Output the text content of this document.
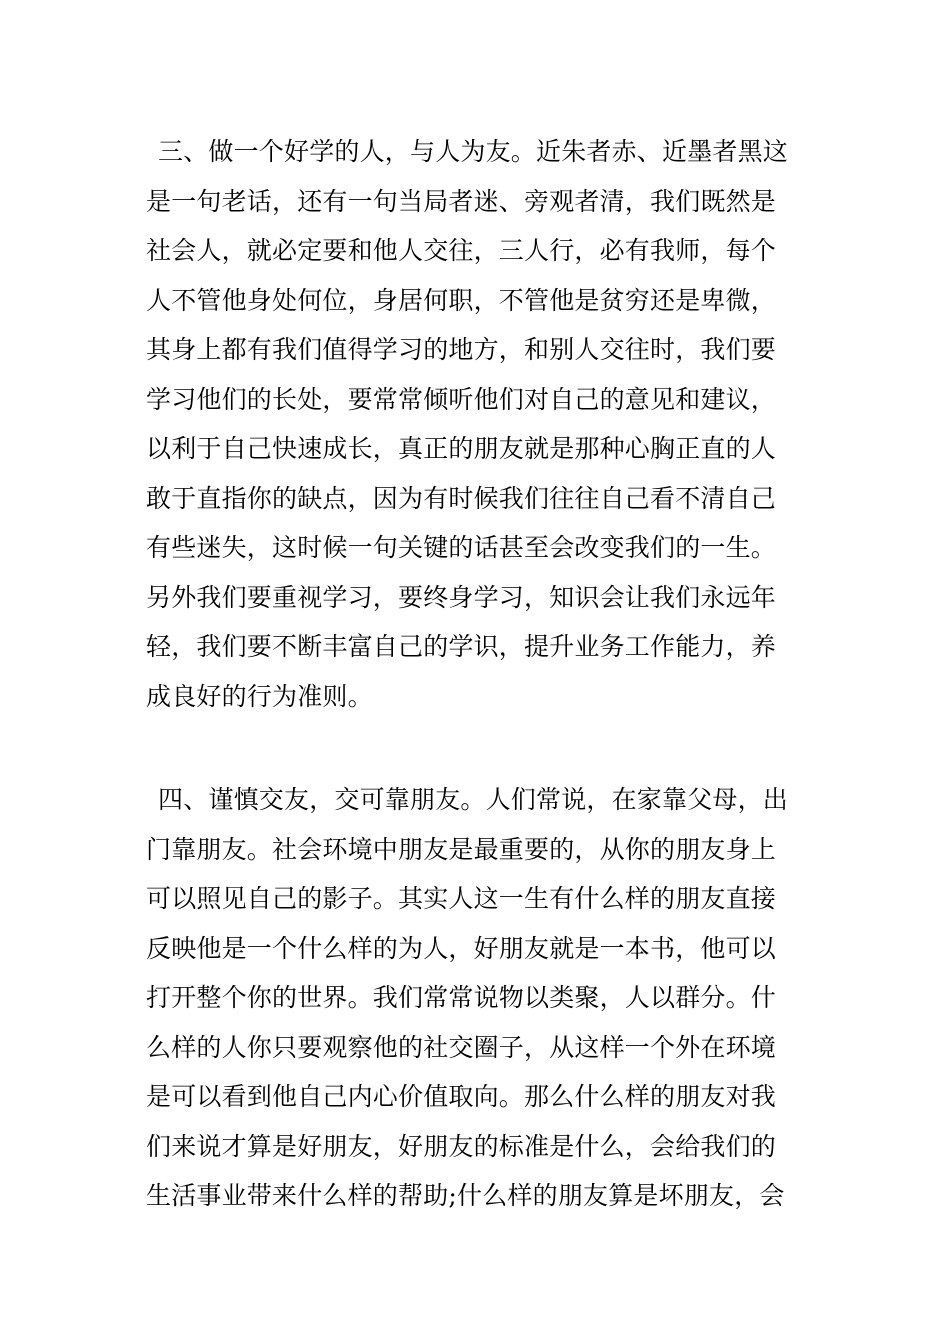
三、做一个好学的人，与人为友。近朱者赤、近墨者黑这
是一句老话，还有一句当局者迷、旁观者清，我们既然是
社会人，就必定要和他人交往，三人行，必有我师，每个
人不管他身处何位，身居何职，不管他是贫穷还是卑微，
其身上都有我们值得学习的地方，和别人交往时，我们要
学习他们的长处，要常常倾听他们对自己的意见和建议，
以利于自己快速成长，真正的朋友就是那种心胸正直的人
敢于直指你的缺点，因为有时候我们往往自己看不清自己
有些迷失，这时候一句关键的话甚至会改变我们的一生。
另外我们要重视学习，要终身学习，知识会让我们永远年
轻，我们要不断丰富自己的学识，提升业务工作能力，养
成良好的行为准则。

四、谨慎交友，交可靠朋友。人们常说，在家靠父母，出
门靠朋友。社会环境中朋友是最重要的，从你的朋友身上
可以照见自己的影子。其实人这一生有什么样的朋友直接
反映他是一个什么样的为人，好朋友就是一本书，他可以
打开整个你的世界。我们常常说物以类聚，人以群分。什
么样的人你只要观察他的社交圈子，从这样一个外在环境
是可以看到他自己内心价值取向。那么什么样的朋友对我
们来说才算是好朋友，好朋友的标准是什么，会给我们的
生活事业带来什么样的帮助;什么样的朋友算是坏朋友，会
